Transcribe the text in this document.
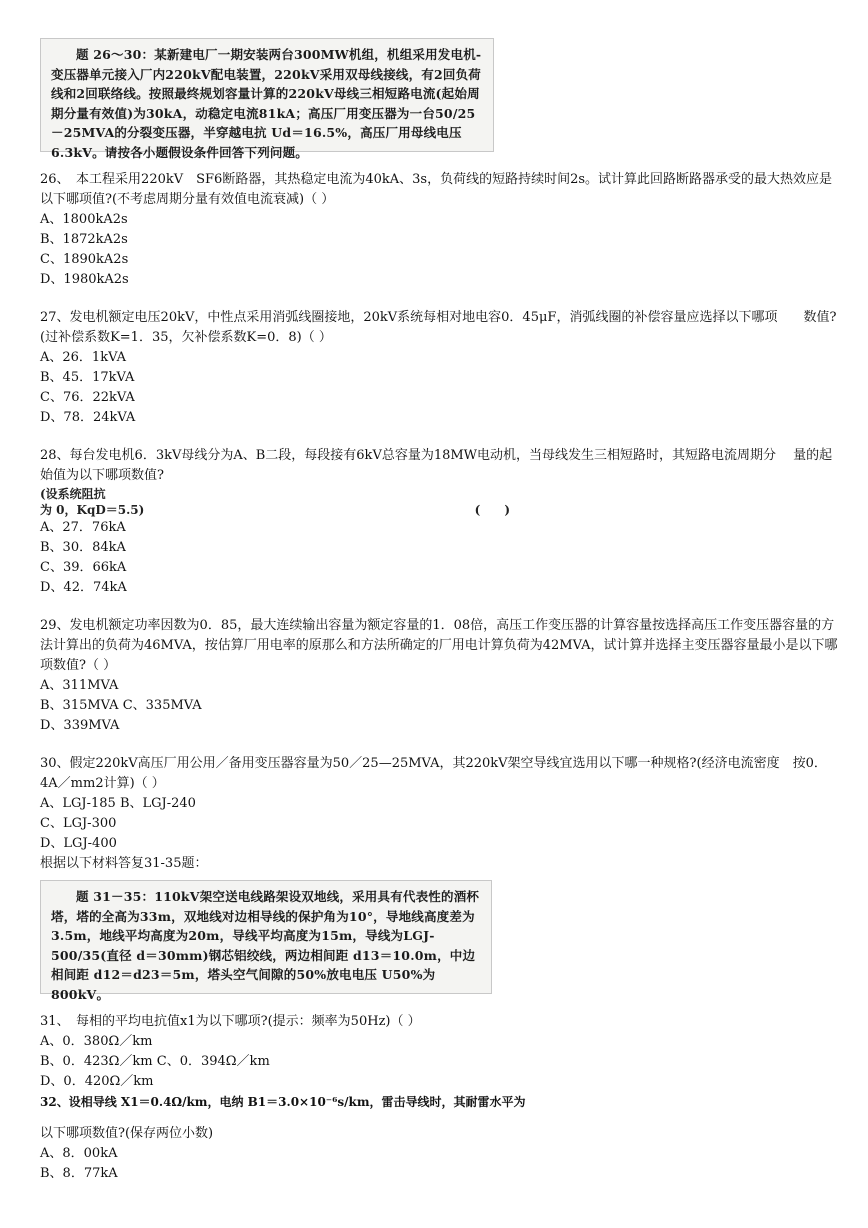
题 26～30：某新建电厂一期安装两台300MW机组，机组采用发电机-变压器单元接入厂内220kV配电装置，220kV采用双母线接线，有2回负荷线和2回联络线。按照最终规划容量计算的220kV母线三相短路电流(起始周期分量有效值)为30kA，动稳定电流81kA；高压厂用变压器为一台50/25－25MVA的分裂变压器，半穿越电抗 Ud＝16.5%，高压厂用母线电压6.3kV。请按各小题假设条件回答下列问题。

26、　本工程采用220kV　SF6断路器，其热稳定电流为40kA、3s，负荷线的短路持续时间2s。试计算此回路断路器承受的最大热效应是以下哪项值?(不考虑周期分量有效值电流衰减)（ ）

A、1800kA2s

B、1872kA2s

C、1890kA2s

D、1980kA2s

27、发电机额定电压20kV，中性点采用消弧线圈接地，20kV系统每相对地电容0．45μF，消弧线圈的补偿容量应选择以下哪项　　数值?(过补偿系数K=1．35，欠补偿系数K=0．8)（ ）

A、26．1kVA

B、45．17kVA

C、76．22kVA

D、78．24kVA

28、每台发电机6．3kV母线分为A、B二段，每段接有6kV总容量为18MW电动机，当母线发生三相短路时，其短路电流周期分　 量的起始值为以下哪项数值?

(设系统阻抗
为 0，KqD＝5.5)	(　　)

A、27．76kA

B、30．84kA

C、39．66kA

D、42．74kA

29、发电机额定功率因数为0．85，最大连续输出容量为额定容量的1．08倍，高压工作变压器的计算容量按选择高压工作变压器容量的方法计算出的负荷为46MVA，按估算厂用电率的原那么和方法所确定的厂用电计算负荷为42MVA，试计算并选择主变压器容量最小是以下哪项数值?（ ）

A、311MVA

B、315MVA C、335MVA

D、339MVA

30、假定220kV高压厂用公用／备用变压器容量为50／25—25MVA，其220kV架空导线宜选用以下哪一种规格?(经济电流密度　按0．4A／mm2计算)（ ）

A、LGJ-185 B、LGJ-240

C、LGJ-300

D、LGJ-400

根据以下材料答复31-35题：

题 31－35：110kV架空送电线路架设双地线，采用具有代表性的酒杯塔，塔的全高为33m，双地线对边相导线的保护角为10°，导地线高度差为3.5m，地线平均高度为20m，导线平均高度为15m，导线为LGJ-500/35(直径 d＝30mm)钢芯铝绞线，两边相间距 d13＝10.0m，中边相间距 d12＝d23＝5m，塔头空气间隙的50%放电电压 U50%为800kV。

31、　每相的平均电抗值x1为以下哪项?(提示：频率为50Hz)（ ）

A、0．380Ω／km

B、0．423Ω／km C、0．394Ω／km

D、0．420Ω／km

32、设相导线 X1＝0.4Ω/km，电纳 B1＝3.0×10⁻⁶s/km，雷击导线时，其耐雷水平为

以下哪项数值?(保存两位小数)

A、8．00kA

B、8．77kA
